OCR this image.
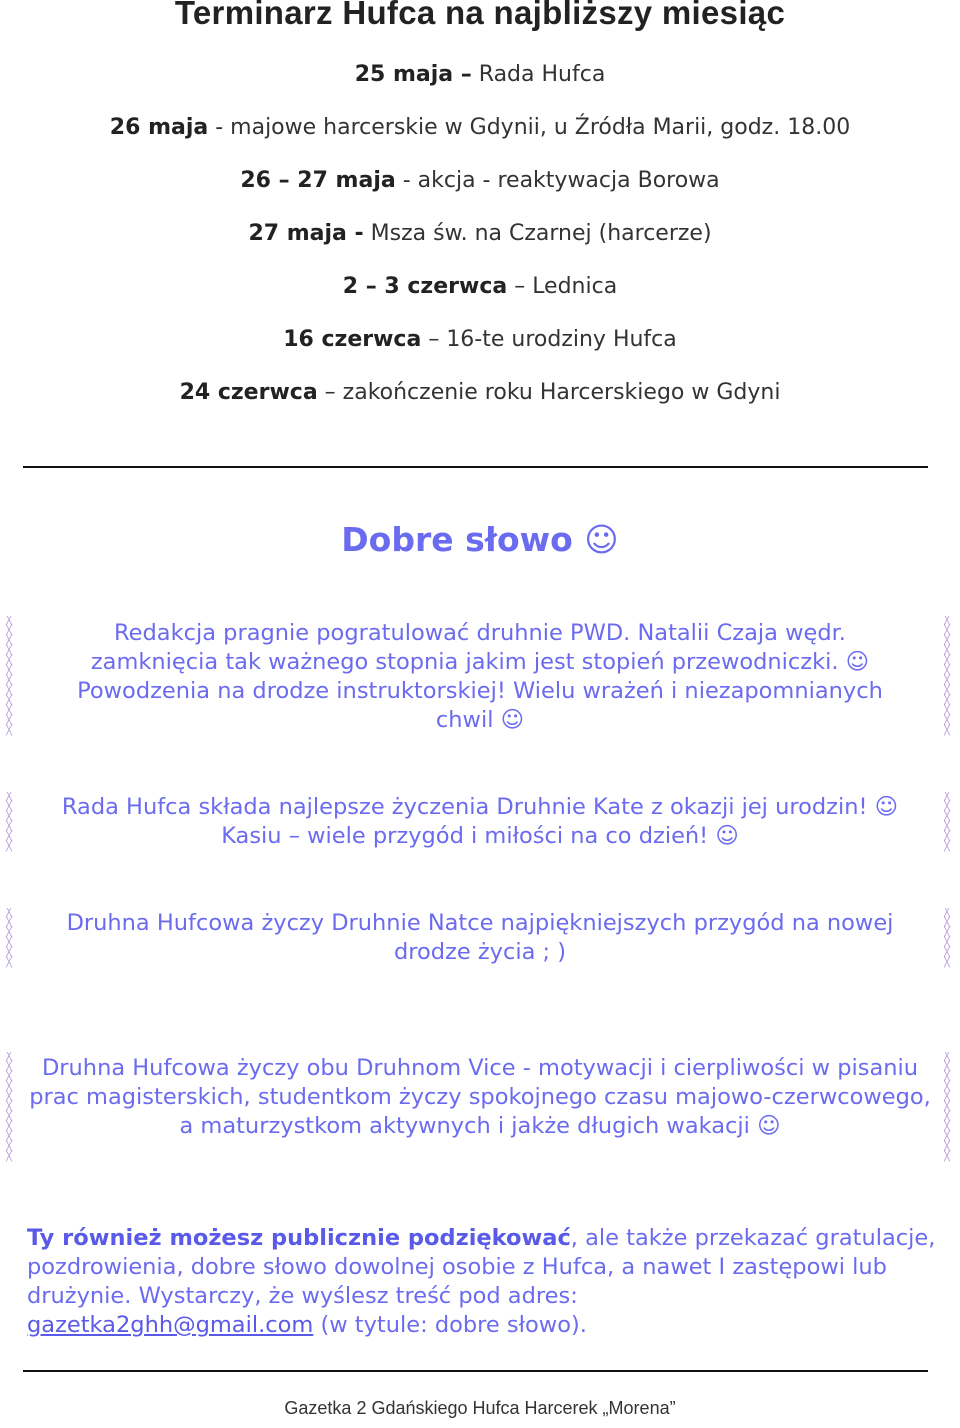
Terminarz Hufca na najbliższy miesiąc
25 maja – Rada Hufca
26 maja - majowe harcerskie w Gdynii, u Źródła Marii, godz. 18.00
26 – 27 maja - akcja - reaktywacja Borowa
27 maja - Msza św. na Czarnej (harcerze)
2 – 3 czerwca – Lednica
16 czerwca – 16-te urodziny Hufca
24 czerwca – zakończenie roku Harcerskiego w Gdyni
Dobre słowo ☺
╳
╳
╳
╳
╳
╳
╳
╳
╳
╳
╳
╳
╳
╳
╳
╳
╳
╳
╳
╳
╳
╳
╳
╳
Redakcja pragnie pogratulować druhnie PWD. Natalii Czaja wędr. zamknięcia tak ważnego stopnia jakim jest stopień przewodniczki. ☺ Powodzenia na drodze instruktorskiej! Wielu wrażeń i niezapomnianych chwil ☺
╳
╳
╳
╳
╳
╳
╳
╳
╳
╳
╳
╳
Rada Hufca składa najlepsze życzenia Druhnie Kate z okazji jej urodzin! ☺ Kasiu – wiele przygód i miłości na co dzień! ☺
╳
╳
╳
╳
╳
╳
╳
╳
╳
╳
╳
╳
Druhna Hufcowa życzy Druhnie Natce najpiękniejszych przygód na nowej drodze życia ; )
╳
╳
╳
╳
╳
╳
╳
╳
╳
╳
╳
╳
╳
╳
╳
╳
╳
╳
╳
╳
╳
╳
Druhna Hufcowa życzy obu Druhnom Vice - motywacji i cierpliwości w pisaniu prac magisterskich, studentkom życzy spokojnego czasu majowo-czerwcowego, a maturzystkom aktywnych i jakże długich wakacji ☺
Ty również możesz publicznie podziękować, ale także przekazać gratulacje, pozdrowienia, dobre słowo dowolnej osobie z Hufca, a nawet I zastępowi lub drużynie. Wystarczy, że wyślesz treść pod adres:
gazetka2ghh@gmail.com (w tytule: dobre słowo).
Gazetka 2 Gdańskiego Hufca Harcerek „Morena”
